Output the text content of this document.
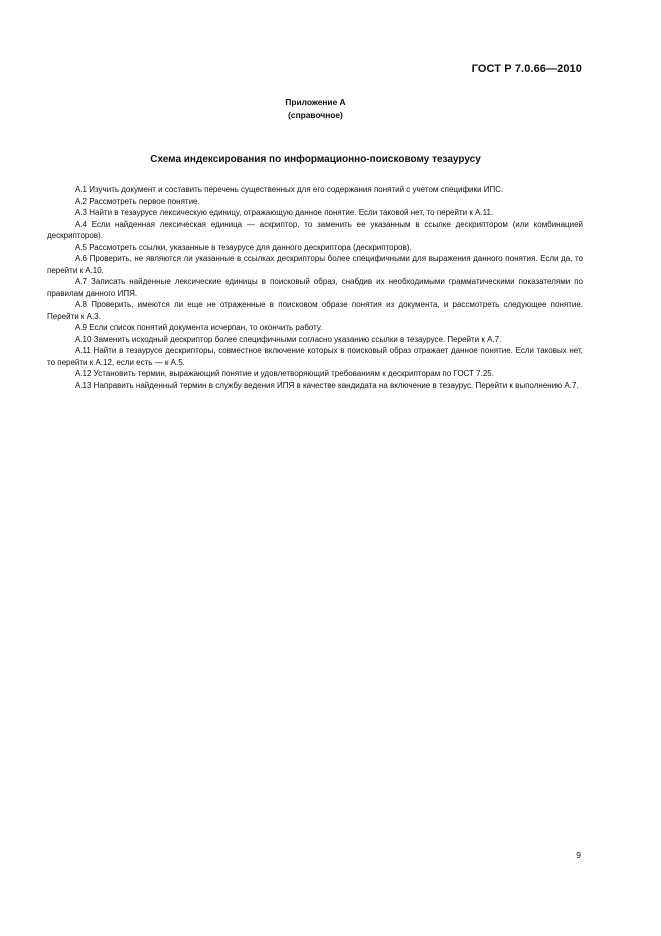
ГОСТ Р 7.0.66—2010
Приложение А
(справочное)
Схема индексирования по информационно-поисковому тезаурусу

А.1 Изучить документ и составить перечень существенных для его содержания понятий с учетом специфики ИПС.

А.2 Рассмотреть первое понятие.

А.3 Найти в тезаурусе лексическую единицу, отражающую данное понятие. Если таковой нет, то перейти к А.11.

А.4 Если найденная лексическая единица — аскриптор, то заменить ее указанным в ссылке дескриптором (или комбинацией дескрипторов).

А.5 Рассмотреть ссылки, указанные в тезаурусе для данного дескриптора (дескрипторов).

А.6 Проверить, не являются ли указанные в ссылках дескрипторы более специфичными для выражения данного понятия. Если да, то перейти к А.10.

А.7 Записать найденные лексические единицы в поисковый образ, снабдив их необходимыми грамматическими показателями по правилам данного ИПЯ.

А.8 Проверить, имеются ли еще не отраженные в поисковом образе понятия из документа, и рассмотреть следующее понятие. Перейти к А.3.

А.9 Если список понятий документа исчерпан, то окончить работу.

А.10 Заменить исходный дескриптор более специфичными согласно указанию ссылки в тезаурусе. Перейти к А.7.

А.11 Найти в тезаурусе дескрипторы, совместное включение которых в поисковый образ отражает данное понятие. Если таковых нет, то перейти к А.12, если есть — к А.5.

А.12 Установить термин, выражающий понятие и удовлетворяющий требованиям к дескрипторам по ГОСТ 7.25.

А.13 Направить найденный термин в службу ведения ИПЯ в качестве кандидата на включение в тезаурус. Перейти к выполнению А.7.

9
